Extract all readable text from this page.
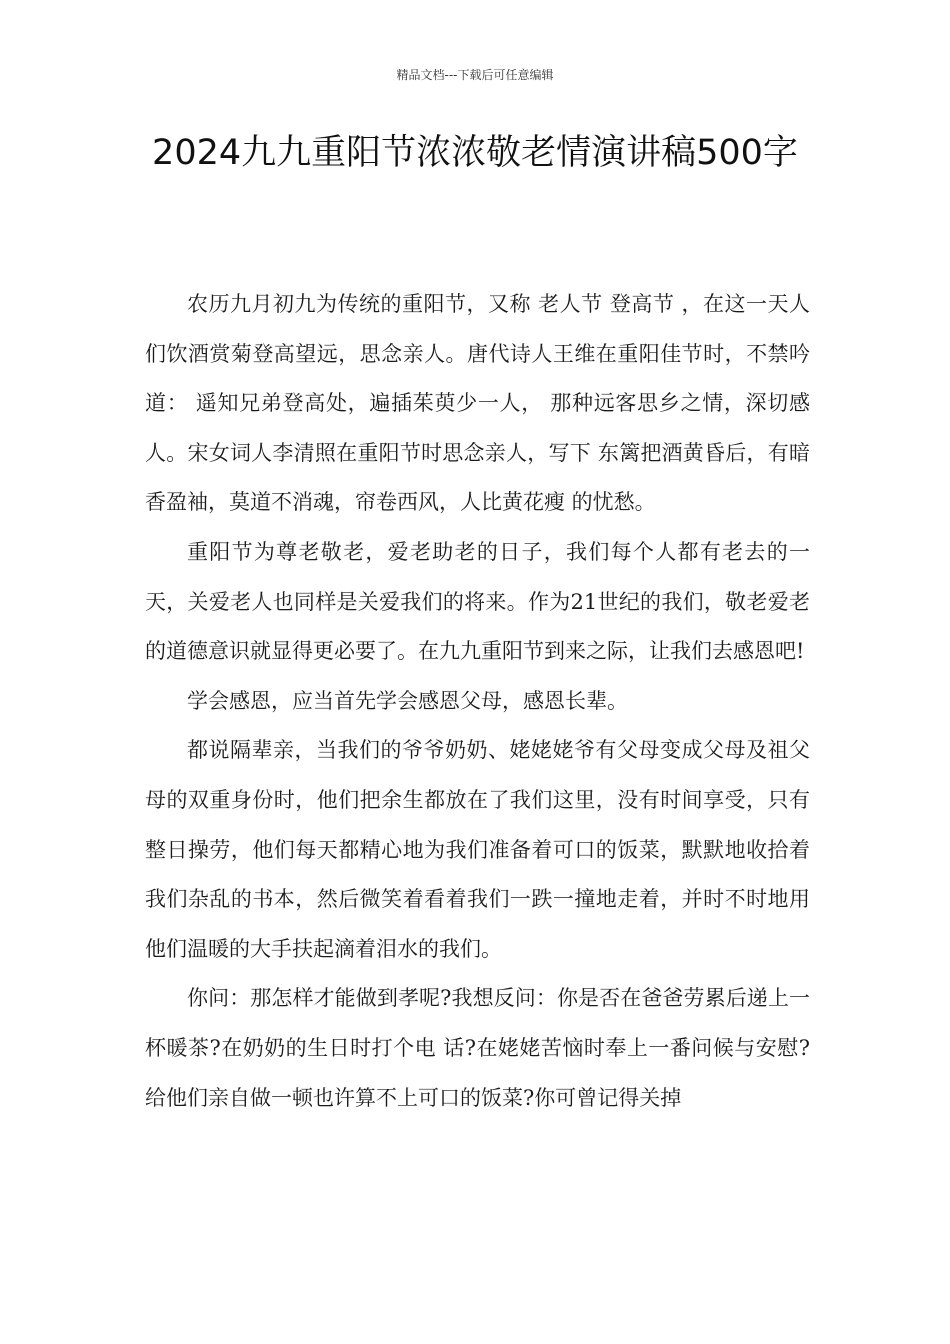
精品文档---下载后可任意编辑
2024九九重阳节浓浓敬老情演讲稿500字

农历九月初九为传统的重阳节，又称 老人节 登高节 ，在这一天人们饮酒赏菊登高望远，思念亲人。唐代诗人王维在重阳佳节时，不禁吟道： 遥知兄弟登高处，遍插茱萸少一人， 那种远客思乡之情，深切感人。宋女词人李清照在重阳节时思念亲人，写下 东篱把酒黄昏后，有暗香盈袖，莫道不消魂，帘卷西风，人比黄花瘦 的忧愁。

重阳节为尊老敬老，爱老助老的日子，我们每个人都有老去的一天，关爱老人也同样是关爱我们的将来。作为21世纪的我们，敬老爱老的道德意识就显得更必要了。在九九重阳节到来之际，让我们去感恩吧!

学会感恩，应当首先学会感恩父母，感恩长辈。

都说隔辈亲，当我们的爷爷奶奶、姥姥姥爷有父母变成父母及祖父母的双重身份时，他们把余生都放在了我们这里，没有时间享受，只有整日操劳，他们每天都精心地为我们准备着可口的饭菜，默默地收拾着我们杂乱的书本，然后微笑着看着我们一跌一撞地走着，并时不时地用他们温暖的大手扶起滴着泪水的我们。

你问：那怎样才能做到孝呢?我想反问：你是否在爸爸劳累后递上一杯暖茶?在奶奶的生日时打个电 话?在姥姥苦恼时奉上一番问候与安慰?给他们亲自做一顿也许算不上可口的饭菜?你可曾记得关掉
